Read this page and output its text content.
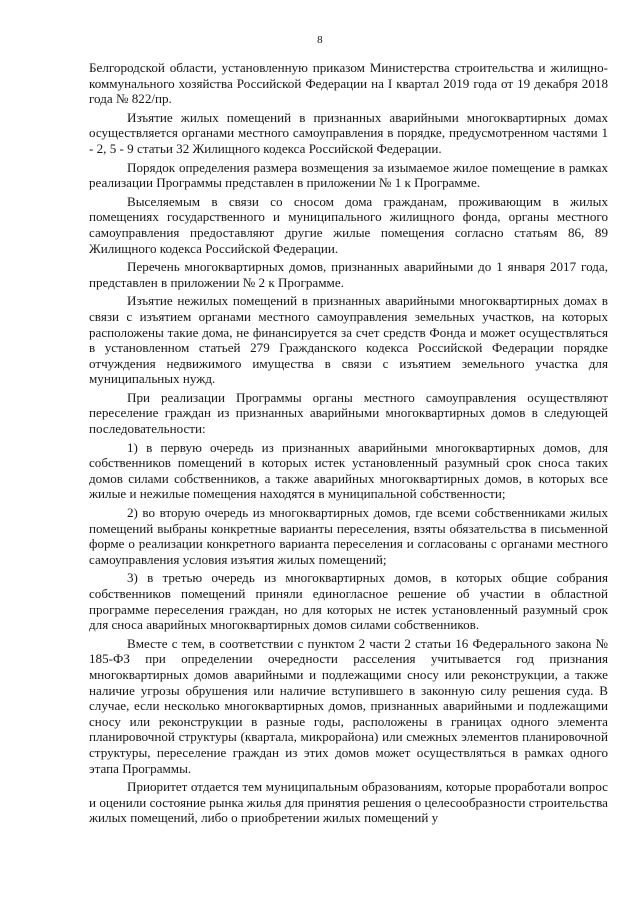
8

Белгородской области, установленную приказом Министерства строительства и жилищно-коммунального хозяйства Российской Федерации на I квартал 2019 года от 19 декабря 2018 года № 822/пр.

Изъятие жилых помещений в признанных аварийными многоквартирных домах осуществляется органами местного самоуправления в порядке, предусмотренном частями 1 - 2, 5 - 9 статьи 32 Жилищного кодекса Российской Федерации.

Порядок определения размера возмещения за изымаемое жилое помещение в рамках реализации Программы представлен в приложении № 1 к Программе.

Выселяемым в связи со сносом дома гражданам, проживающим в жилых помещениях государственного и муниципального жилищного фонда, органы местного самоуправления предоставляют другие жилые помещения согласно статьям 86, 89 Жилищного кодекса Российской Федерации.

Перечень многоквартирных домов, признанных аварийными до 1 января 2017 года, представлен в приложении № 2 к Программе.

Изъятие нежилых помещений в признанных аварийными многоквартирных домах в связи с изъятием органами местного самоуправления земельных участков, на которых расположены такие дома, не финансируется за счет средств Фонда и может осуществляться в установленном статьей 279 Гражданского кодекса Российской Федерации порядке отчуждения недвижимого имущества в связи с изъятием земельного участка для муниципальных нужд.

При реализации Программы органы местного самоуправления осуществляют переселение граждан из признанных аварийными многоквартирных домов в следующей последовательности:

1) в первую очередь из признанных аварийными многоквартирных домов, для собственников помещений в которых истек установленный разумный срок сноса таких домов силами собственников, а также аварийных многоквартирных домов, в которых все жилые и нежилые помещения находятся в муниципальной собственности;

2) во вторую очередь из многоквартирных домов, где всеми собственниками жилых помещений выбраны конкретные варианты переселения, взяты обязательства в письменной форме о реализации конкретного варианта переселения и согласованы с органами местного самоуправления условия изъятия жилых помещений;

3) в третью очередь из многоквартирных домов, в которых общие собрания собственников помещений приняли единогласное решение об участии в областной программе переселения граждан, но для которых не истек установленный разумный срок для сноса аварийных многоквартирных домов силами собственников.

Вместе с тем, в соответствии с пунктом 2 части 2 статьи 16 Федерального закона № 185-ФЗ при определении очередности расселения учитывается год признания многоквартирных домов аварийными и подлежащими сносу или реконструкции, а также наличие угрозы обрушения или наличие вступившего в законную силу решения суда. В случае, если несколько многоквартирных домов, признанных аварийными и подлежащими сносу или реконструкции в разные годы, расположены в границах одного элемента планировочной структуры (квартала, микрорайона) или смежных элементов планировочной структуры, переселение граждан из этих домов может осуществляться в рамках одного этапа Программы.

Приоритет отдается тем муниципальным образованиям, которые проработали вопрос и оценили состояние рынка жилья для принятия решения о целесообразности строительства жилых помещений, либо о приобретении жилых помещений у
